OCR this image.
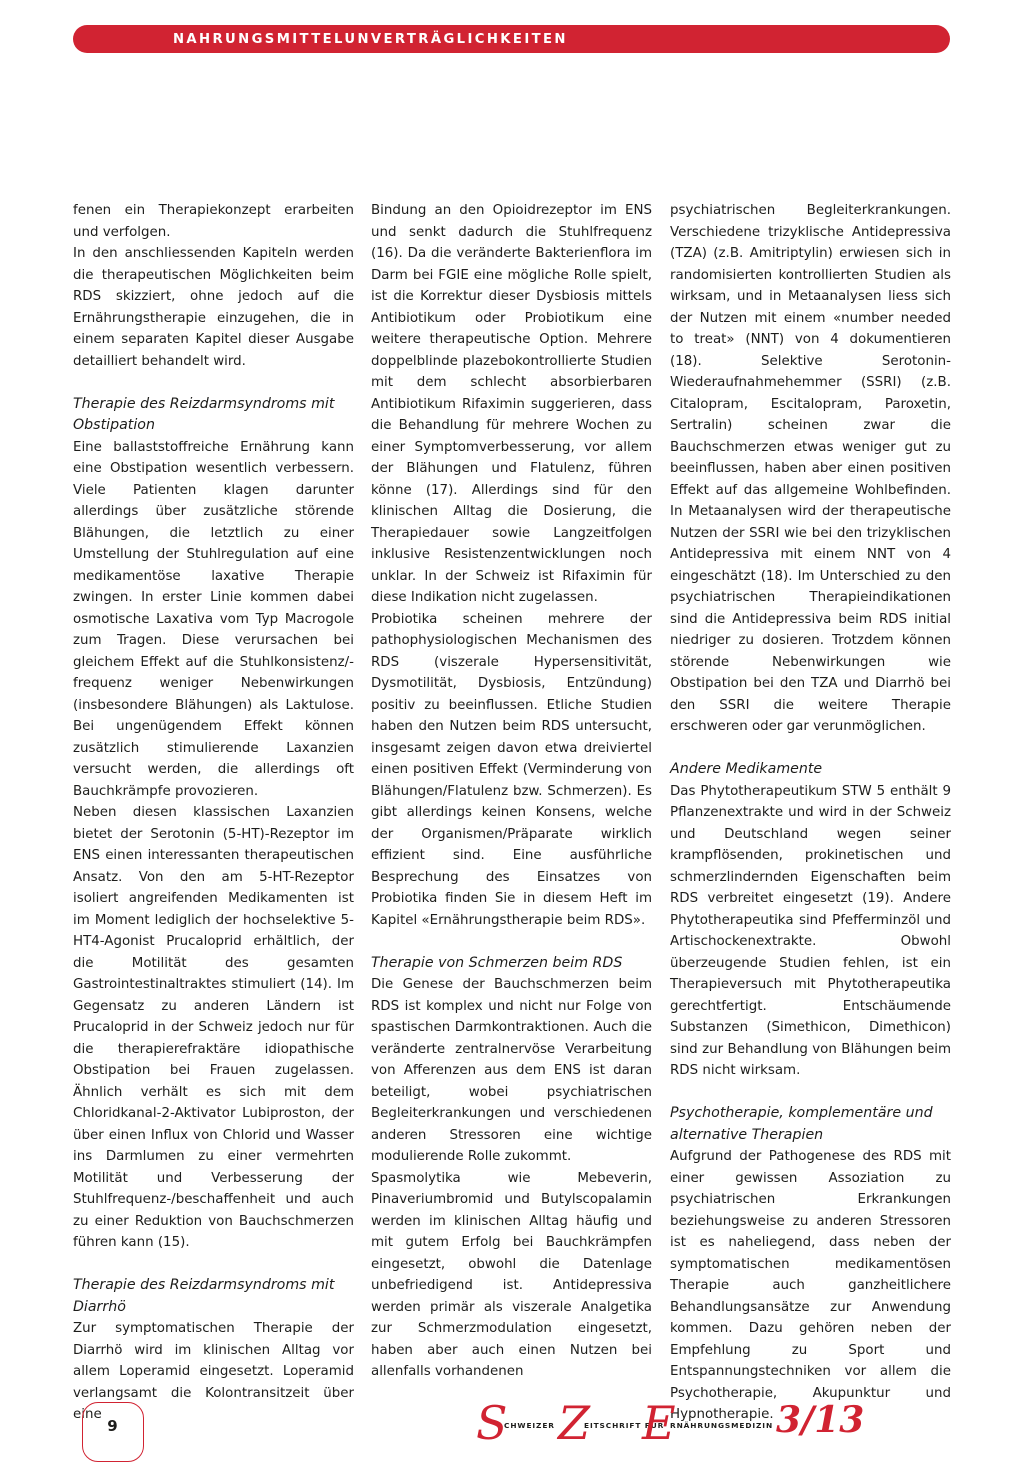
NAHRUNGSMITTELUNVERTRÄGLICHKEITEN

fenen ein Therapiekonzept erarbeiten und verfolgen.

In den anschliessenden Kapiteln werden die therapeutischen Möglichkeiten beim RDS skizziert, ohne jedoch auf die Ernährungstherapie einzugehen, die in einem separaten Kapitel dieser Ausgabe detailliert behandelt wird.

Therapie des Reizdarmsyndroms mit Obstipation

Eine ballaststoffreiche Ernährung kann eine Obstipation wesentlich verbessern. Viele Patienten klagen darunter allerdings über zusätzliche störende Blähungen, die letztlich zu einer Umstellung der Stuhlregulation auf eine medikamentöse laxative Therapie zwingen. In erster Linie kommen dabei osmotische Laxativa vom Typ Macrogole zum Tragen. Diese verursachen bei gleichem Effekt auf die Stuhlkonsistenz/-frequenz weniger Nebenwirkungen (insbesondere Blähungen) als Laktulose. Bei ungenügendem Effekt können zusätzlich stimulierende Laxanzien versucht werden, die allerdings oft Bauchkrämpfe provozieren.

Neben diesen klassischen Laxanzien bietet der Serotonin (5-HT)-Rezeptor im ENS einen interessanten therapeutischen Ansatz. Von den am 5-HT-Rezeptor isoliert angreifenden Medikamenten ist im Moment lediglich der hochselektive 5-HT4-Agonist Prucaloprid erhältlich, der die Motilität des gesamten Gastrointestinaltraktes stimuliert (14). Im Gegensatz zu anderen Ländern ist Prucaloprid in der Schweiz jedoch nur für die therapierefraktäre idiopathische Obstipation bei Frauen zugelassen. Ähnlich verhält es sich mit dem Chloridkanal-2-Aktivator Lubiproston, der über einen Influx von Chlorid und Wasser ins Darmlumen zu einer vermehrten Motilität und Verbesserung der Stuhlfrequenz-/beschaffenheit und auch zu einer Reduktion von Bauchschmerzen führen kann (15).

Therapie des Reizdarmsyndroms mit Diarrhö

Zur symptomatischen Therapie der Diarrhö wird im klinischen Alltag vor allem Loperamid eingesetzt. Loperamid verlangsamt die Kolontransitzeit über eine

Bindung an den Opioidrezeptor im ENS und senkt dadurch die Stuhlfrequenz (16). Da die veränderte Bakterienflora im Darm bei FGIE eine mögliche Rolle spielt, ist die Korrektur dieser Dysbiosis mittels Antibiotikum oder Probiotikum eine weitere therapeutische Option. Mehrere doppelblinde plazebokontrollierte Studien mit dem schlecht absorbierbaren Antibiotikum Rifaximin suggerieren, dass die Behandlung für mehrere Wochen zu einer Symptomverbesserung, vor allem der Blähungen und Flatulenz, führen könne (17). Allerdings sind für den klinischen Alltag die Dosierung, die Therapiedauer sowie Langzeitfolgen inklusive Resistenzentwicklungen noch unklar. In der Schweiz ist Rifaximin für diese Indikation nicht zugelassen.

Probiotika scheinen mehrere der pathophysiologischen Mechanismen des RDS (viszerale Hypersensitivität, Dysmotilität, Dysbiosis, Entzündung) positiv zu beeinflussen. Etliche Studien haben den Nutzen beim RDS untersucht, insgesamt zeigen davon etwa dreiviertel einen positiven Effekt (Verminderung von Blähungen/Flatulenz bzw. Schmerzen). Es gibt allerdings keinen Konsens, welche der Organismen/Präparate wirklich effizient sind. Eine ausführliche Besprechung des Einsatzes von Probiotika finden Sie in diesem Heft im Kapitel «Ernährungstherapie beim RDS».

Therapie von Schmerzen beim RDS

Die Genese der Bauchschmerzen beim RDS ist komplex und nicht nur Folge von spastischen Darmkontraktionen. Auch die veränderte zentralnervöse Verarbeitung von Afferenzen aus dem ENS ist daran beteiligt, wobei psychiatrischen Begleiterkrankungen und verschiedenen anderen Stressoren eine wichtige modulierende Rolle zukommt.

Spasmolytika wie Mebeverin, Pinaveriumbromid und Butylscopalamin werden im klinischen Alltag häufig und mit gutem Erfolg bei Bauchkrämpfen eingesetzt, obwohl die Datenlage unbefriedigend ist. Antidepressiva werden primär als viszerale Analgetika zur Schmerzmodulation eingesetzt, haben aber auch einen Nutzen bei allenfalls vorhandenen

psychiatrischen Begleiterkrankungen. Verschiedene trizyklische Antidepressiva (TZA) (z.B. Amitriptylin) erwiesen sich in randomisierten kontrollierten Studien als wirksam, und in Metaanalysen liess sich der Nutzen mit einem «number needed to treat» (NNT) von 4 dokumentieren (18). Selektive Serotonin-Wiederaufnahmehemmer (SSRI) (z.B. Citalopram, Escitalopram, Paroxetin, Sertralin) scheinen zwar die Bauchschmerzen etwas weniger gut zu beeinflussen, haben aber einen positiven Effekt auf das allgemeine Wohlbefinden. In Metaanalysen wird der therapeutische Nutzen der SSRI wie bei den trizyklischen Antidepressiva mit einem NNT von 4 eingeschätzt (18). Im Unterschied zu den psychiatrischen Therapieindikationen sind die Antidepressiva beim RDS initial niedriger zu dosieren. Trotzdem können störende Nebenwirkungen wie Obstipation bei den TZA und Diarrhö bei den SSRI die weitere Therapie erschweren oder gar verunmöglichen.

Andere Medikamente

Das Phytotherapeutikum STW 5 enthält 9 Pflanzenextrakte und wird in der Schweiz und Deutschland wegen seiner krampflösenden, prokinetischen und schmerzlindernden Eigenschaften beim RDS verbreitet eingesetzt (19). Andere Phytotherapeutika sind Pfefferminzöl und Artischockenextrakte. Obwohl überzeugende Studien fehlen, ist ein Therapieversuch mit Phytotherapeutika gerechtfertigt. Entschäumende Substanzen (Simethicon, Dimethicon) sind zur Behandlung von Blähungen beim RDS nicht wirksam.

Psychotherapie, komplementäre und alternative Therapien

Aufgrund der Pathogenese des RDS mit einer gewissen Assoziation zu psychiatrischen Erkrankungen beziehungsweise zu anderen Stressoren ist es naheliegend, dass neben der symptomatischen medikamentösen Therapie auch ganzheitlichere Behandlungsansätze zur Anwendung kommen. Dazu gehören neben der Empfehlung zu Sport und Entspannungstechniken vor allem die Psychotherapie, Akupunktur und Hypnotherapie.

9	S
CHWEIZER Z
EITSCHRIFT FÜR
E
RNÄHRUNGSMEDIZIN 3/13
